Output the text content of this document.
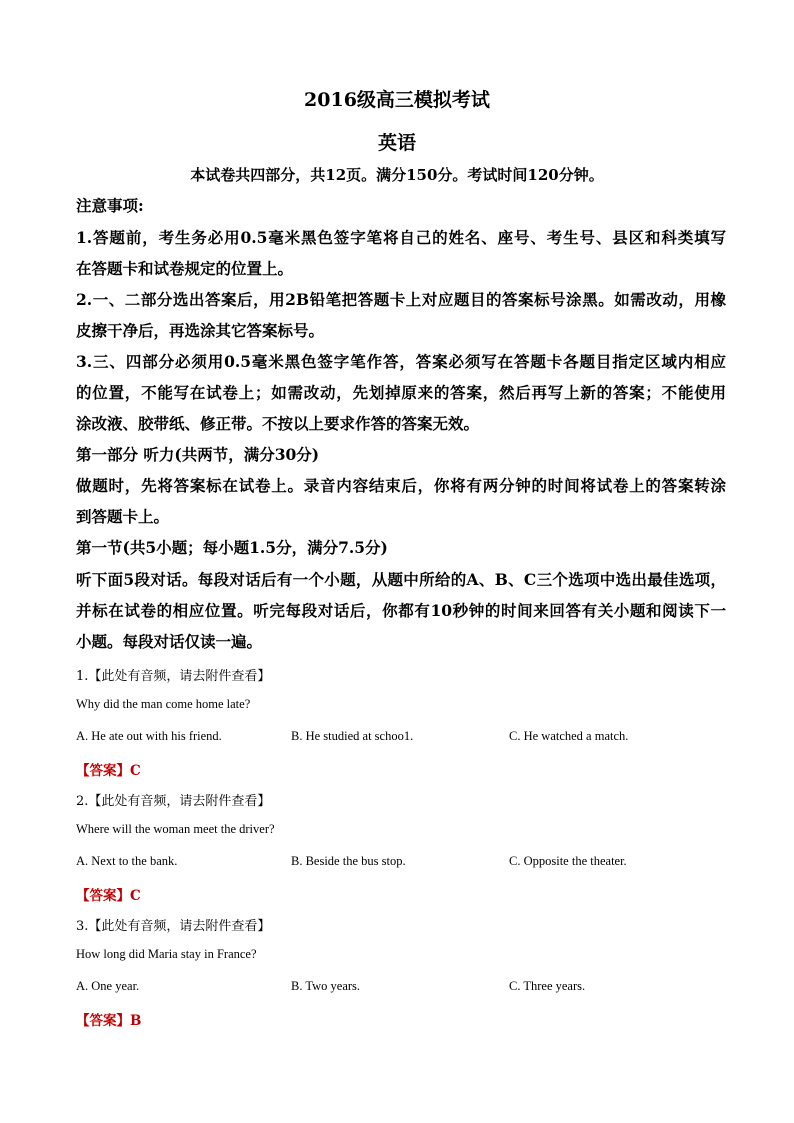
2016级高三模拟考试
英语
本试卷共四部分，共12页。满分150分。考试时间120分钟。
注意事项:
1.答题前，考生务必用0.5毫米黑色签字笔将自己的姓名、座号、考生号、县区和科类填写
在答题卡和试卷规定的位置上。
2.一、二部分选出答案后，用2B铅笔把答题卡上对应题目的答案标号涂黑。如需改动，用橡
皮擦干净后，再选涂其它答案标号。
3.三、四部分必须用0.5毫米黑色签字笔作答，答案必须写在答题卡各题目指定区域内相应
的位置，不能写在试卷上；如需改动，先划掉原来的答案，然后再写上新的答案；不能使用
涂改液、胶带纸、修正带。不按以上要求作答的答案无效。
第一部分 听力(共两节，满分30分)
做题时，先将答案标在试卷上。录音内容结束后，你将有两分钟的时间将试卷上的答案转涂
到答题卡上。
第一节(共5小题；每小题1.5分，满分7.5分)
听下面5段对话。每段对话后有一个小题，从题中所给的A、B、C三个选项中选出最佳选项，
并标在试卷的相应位置。听完每段对话后，你都有10秒钟的时间来回答有关小题和阅读下一
小题。每段对话仅读一遍。
1.【此处有音频，请去附件查看】
Why did the man come home late?
A. He ate out with his friend.	B. He studied at schoo1.	C. He watched a match.
【答案】C
2.【此处有音频，请去附件查看】
Where will the woman meet the driver?
A. Next to the bank.	B. Beside the bus stop.	C. Opposite the theater.
【答案】C
3.【此处有音频，请去附件查看】
How long did Maria stay in France?
A. One year.	B. Two years.	C. Three years.
【答案】B
